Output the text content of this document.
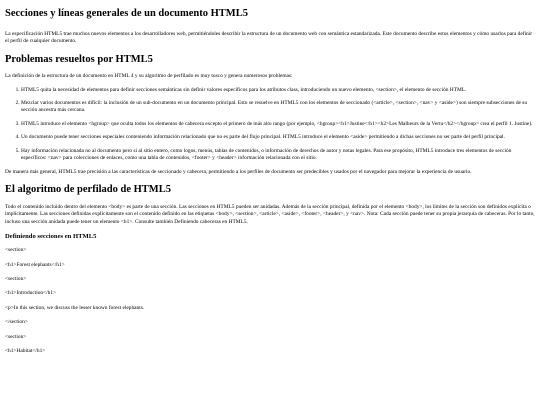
Secciones y líneas generales de un documento HTML5

La especificación HTML5 trae muchos nuevos elementos a los desarrolladores web, permitiéndoles describir la estructura de un documento web con semántica estandarizada. Este documento describe estos elementos y cómo usarlos para definir el perfil de cualquier documento.

Problemas resueltos por HTML5

La definición de la estructura de un documento en HTML 4 y su algoritmo de perfilado es muy tosco y genera numerosos problemas:

1. HTML5 quita la necesidad de elementos para definir secciones semánticas sin definir valores específicos para los atributos class, introduciendo un nuevo elemento, <section>, el elemento de sección HTML.
2. Mezclar varios documentos es difícil: la inclusión de un sub-documento en un documento principal. Esto se resuelve en HTML5 con los elementos de seccionado (<article>, <section>, <nav> y <aside>) son siempre subsecciones de su sección ancestra más cercana.
3. HTML5 introduce el elemento <hgroup> que oculta todos los elementos de cabecera excepto el primero de más alto rango (por ejemplo, <hgroup><h1>Justine</h1><h2>Les Malheurs de la Vertu</h2></hgroup> crea el perfil 1. Justine).
4. Un documento puede tener secciones especiales conteniendo información relacionado que no es parte del flujo principal. HTML5 introduce el elemento <aside> permitiendo a dichas secciones no ser parte del perfil principal.
5. Hay información relacionada no al documento pero si al sitio entero, como logos, menús, tablas de contenidos, o información de derechos de autor y notas legales. Para ese propósito, HTML5 introduce tres elementos de sección específicos: <nav> para colecciones de enlaces, como una tabla de contenidos, <footer> y <header> información relacionada con el sitio.

De manera más general, HTML5 trae precisión a las características de seccionado y cabecera, permitiendo a los perfiles de documento ser predecibles y usados por el navegador para mejorar la experiencia de usuario.

El algoritmo de perfilado de HTML5

Todo el contenido incluido dentro del elemento <body> es parte de una sección. Las secciones en HTML5 pueden ser anidadas. Además de la sección principal, definida por el elemento <body>, los límites de la sección son definidos explícita o implícitamente. Las secciones definidas explícitamente son el contenido definido en las etiquetas <body>, <section>, <article>, <aside>, <footer>, <header>, y <nav>. Nota: Cada sección puede tener su propia jerarquía de cabeceras. Por lo tanto, incluso una sección anidada puede tener un elemento <h1>. Consulte también Definiendo cabeceras en HTML5.

Definiendo secciones en HTML5

<section>

<h1>Forest elephants</h1>

<section>

<h1>Introduction</h1>

<p>In this section, we discuss the lesser known forest elephants.

</section>

<section>

<h1>Habitat</h1>
